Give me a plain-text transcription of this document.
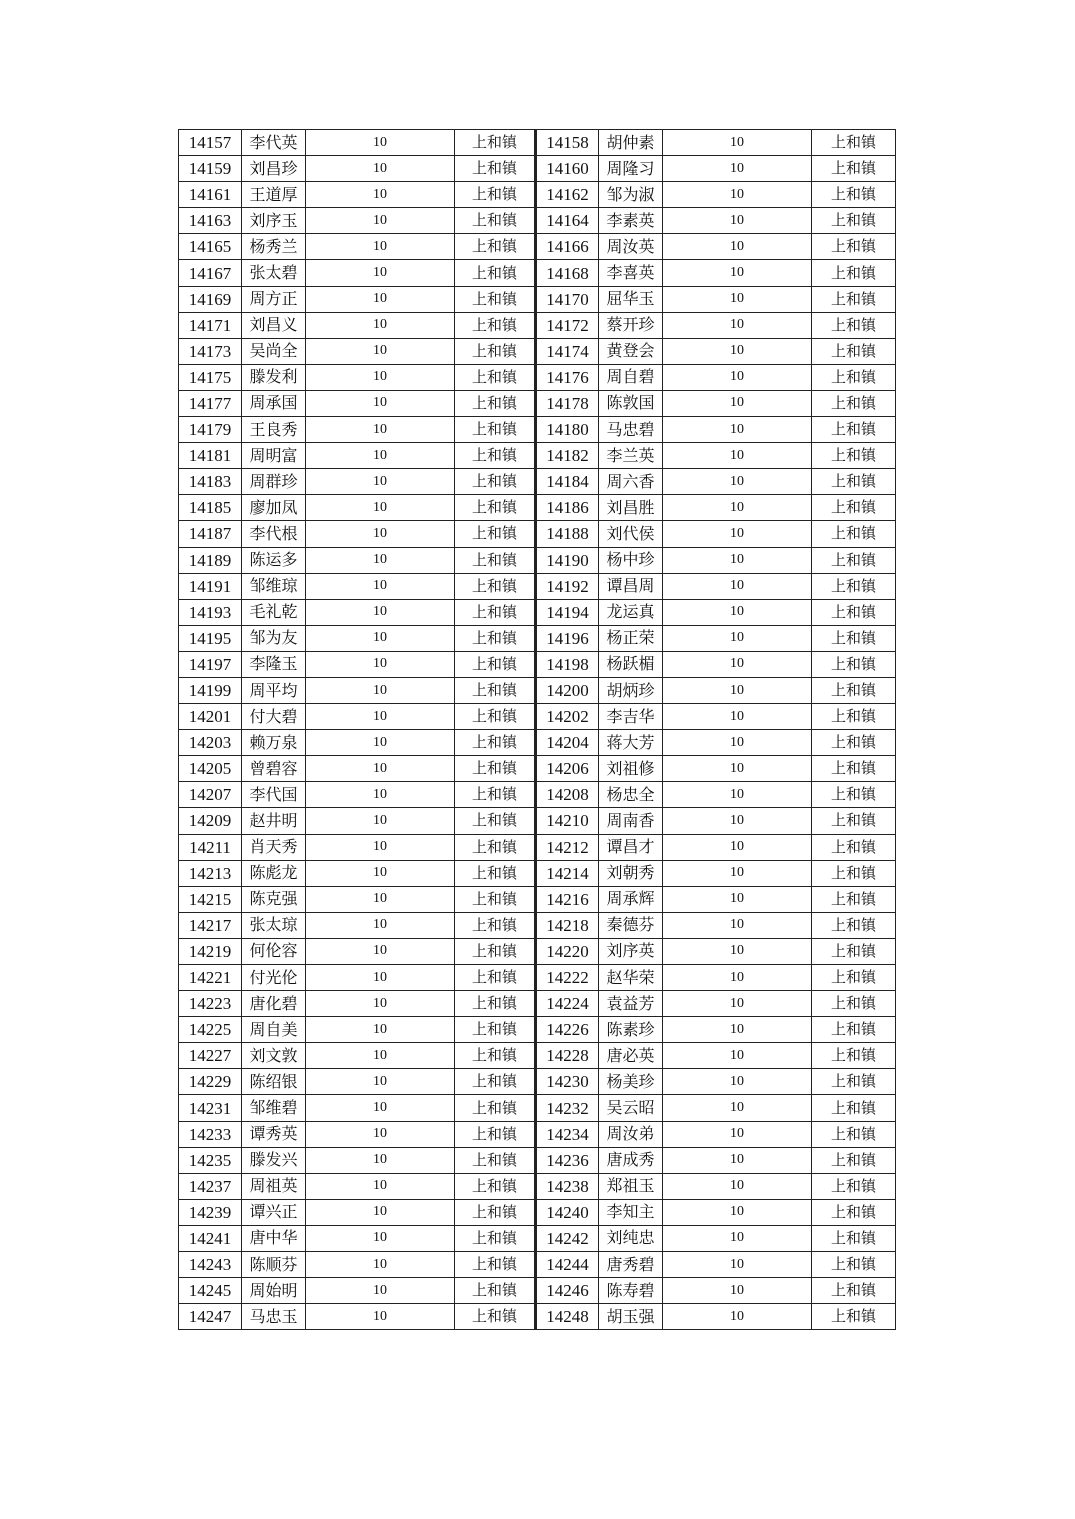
14157	李代英	10	上和镇	14158	胡仲素	10	上和镇
14159	刘昌珍	10	上和镇	14160	周隆习	10	上和镇
14161	王道厚	10	上和镇	14162	邹为淑	10	上和镇
14163	刘序玉	10	上和镇	14164	李素英	10	上和镇
14165	杨秀兰	10	上和镇	14166	周汝英	10	上和镇
14167	张太碧	10	上和镇	14168	李喜英	10	上和镇
14169	周方正	10	上和镇	14170	屈华玉	10	上和镇
14171	刘昌义	10	上和镇	14172	蔡开珍	10	上和镇
14173	吴尚全	10	上和镇	14174	黄登会	10	上和镇
14175	滕发利	10	上和镇	14176	周自碧	10	上和镇
14177	周承国	10	上和镇	14178	陈敦国	10	上和镇
14179	王良秀	10	上和镇	14180	马忠碧	10	上和镇
14181	周明富	10	上和镇	14182	李兰英	10	上和镇
14183	周群珍	10	上和镇	14184	周六香	10	上和镇
14185	廖加凤	10	上和镇	14186	刘昌胜	10	上和镇
14187	李代根	10	上和镇	14188	刘代侯	10	上和镇
14189	陈运多	10	上和镇	14190	杨中珍	10	上和镇
14191	邹维琼	10	上和镇	14192	谭昌周	10	上和镇
14193	毛礼乾	10	上和镇	14194	龙运真	10	上和镇
14195	邹为友	10	上和镇	14196	杨正荣	10	上和镇
14197	李隆玉	10	上和镇	14198	杨跃楣	10	上和镇
14199	周平均	10	上和镇	14200	胡炳珍	10	上和镇
14201	付大碧	10	上和镇	14202	李吉华	10	上和镇
14203	赖万泉	10	上和镇	14204	蒋大芳	10	上和镇
14205	曾碧容	10	上和镇	14206	刘祖修	10	上和镇
14207	李代国	10	上和镇	14208	杨忠全	10	上和镇
14209	赵井明	10	上和镇	14210	周南香	10	上和镇
14211	肖天秀	10	上和镇	14212	谭昌才	10	上和镇
14213	陈彪龙	10	上和镇	14214	刘朝秀	10	上和镇
14215	陈克强	10	上和镇	14216	周承辉	10	上和镇
14217	张太琼	10	上和镇	14218	秦德芬	10	上和镇
14219	何伦容	10	上和镇	14220	刘序英	10	上和镇
14221	付光伦	10	上和镇	14222	赵华荣	10	上和镇
14223	唐化碧	10	上和镇	14224	袁益芳	10	上和镇
14225	周自美	10	上和镇	14226	陈素珍	10	上和镇
14227	刘文敦	10	上和镇	14228	唐必英	10	上和镇
14229	陈绍银	10	上和镇	14230	杨美珍	10	上和镇
14231	邹维碧	10	上和镇	14232	吴云昭	10	上和镇
14233	谭秀英	10	上和镇	14234	周汝弟	10	上和镇
14235	滕发兴	10	上和镇	14236	唐成秀	10	上和镇
14237	周祖英	10	上和镇	14238	郑祖玉	10	上和镇
14239	谭兴正	10	上和镇	14240	李知主	10	上和镇
14241	唐中华	10	上和镇	14242	刘纯忠	10	上和镇
14243	陈顺芬	10	上和镇	14244	唐秀碧	10	上和镇
14245	周始明	10	上和镇	14246	陈寿碧	10	上和镇
14247	马忠玉	10	上和镇	14248	胡玉强	10	上和镇
